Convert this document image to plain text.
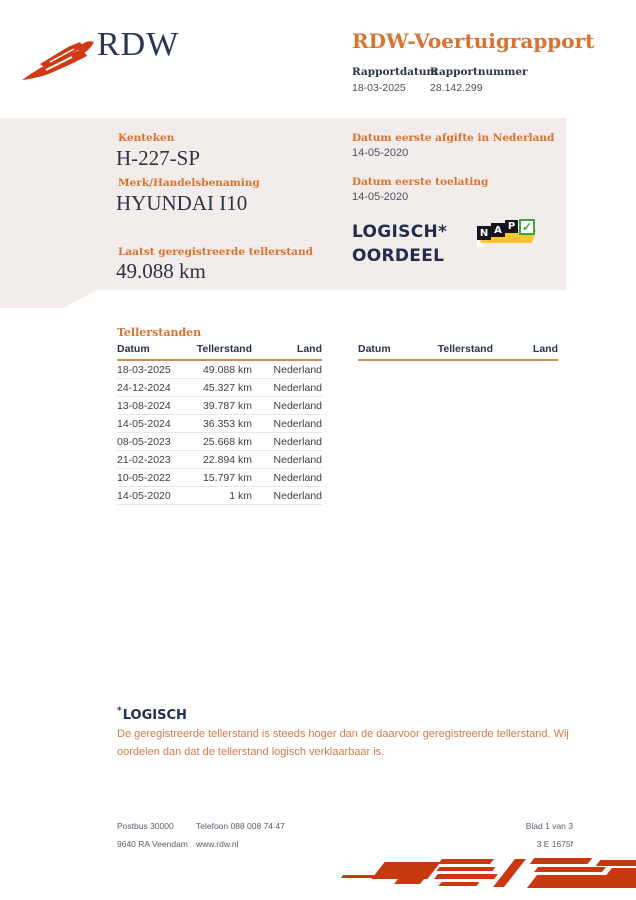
RDW	RDW-Voertuigrapport
Rapportdatum
18-03-2025
Rapportnummer
28.142.299
Kenteken
H-227-SP
Merk/Handelsbenaming
HYUNDAI I10
Datum eerste afgifte in Nederland
14-05-2020
Datum eerste toelating
14-05-2020
LOGISCH*
OORDEEL
N A P ✓
Laatst geregistreerde tellerstand
49.088 km
Tellerstanden
Datum	Tellerstand	Land
18-03-2025	49.088 km	Nederland
24-12-2024	45.327 km	Nederland
13-08-2024	39.787 km	Nederland
14-05-2024	36.353 km	Nederland
08-05-2023	25.668 km	Nederland
21-02-2023	22.894 km	Nederland
10-05-2022	15.797 km	Nederland
14-05-2020	1 km	Nederland
Datum	Tellerstand	Land
*LOGISCH
De geregistreerde tellerstand is steeds hoger dan de daarvoor geregistreerde tellerstand. Wij oordelen dan dat de tellerstand logisch verklaarbaar is.
Postbus 30000	Telefoon 088 008 74 47	Blad 1 van 3
9640 RA Veendam www.rdw.nl	3 E 1675f
